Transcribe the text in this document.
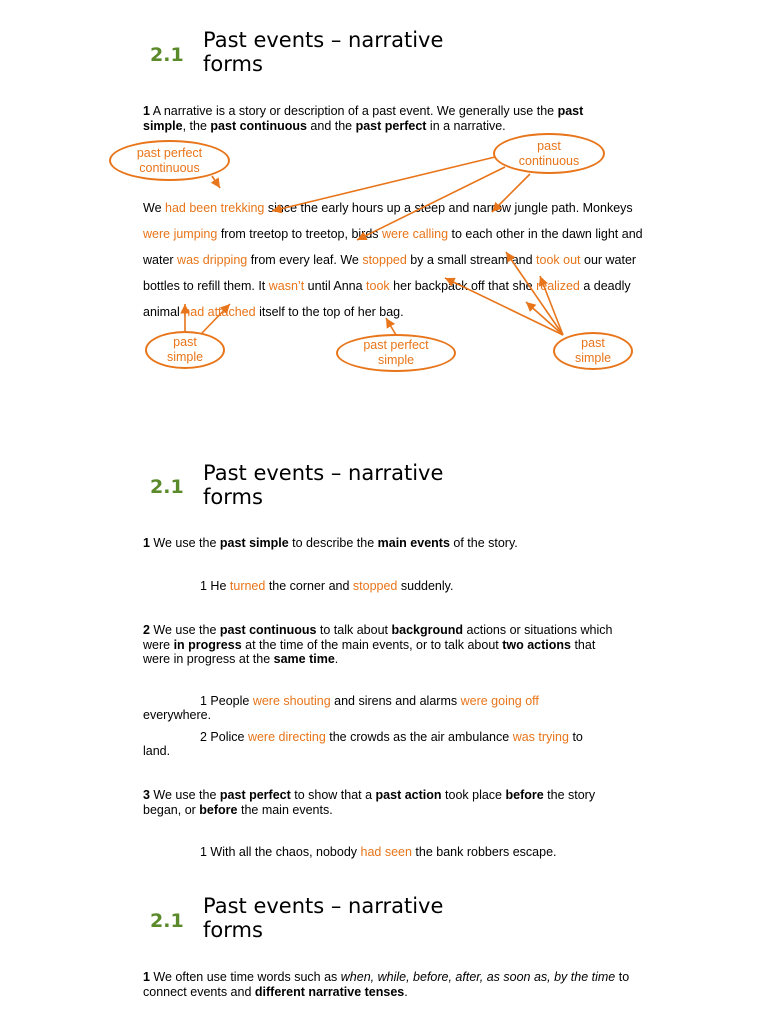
2.1
Past events – narrative forms
1 A narrative is a story or description of a past event. We generally use the past simple, the past continuous and the past perfect in a narrative.
We had been trekking since the early hours up a steep and narrow jungle path. Monkeys were jumping from treetop to treetop, birds were calling to each other in the dawn light and water was dripping from every leaf. We stopped by a small stream and took out our water bottles to refill them. It wasn’t until Anna took her backpack off that she realized a deadly animal had attached itself to the top of her bag.
past perfect continuous
past continuous
past simple
past perfect simple
past simple
2.1
Past events – narrative forms
1 We use the past simple to describe the main events of the story.
1 He turned the corner and stopped suddenly.
2 We use the past continuous to talk about background actions or situations which were in progress at the time of the main events, or to talk about two actions that were in progress at the same time.
1 People were shouting and sirens and alarms were going off
everywhere.
2 Police were directing the crowds as the air ambulance was trying to
land.
3 We use the past perfect to show that a past action took place before the story began, or before the main events.
1 With all the chaos, nobody had seen the bank robbers escape.
2.1
Past events – narrative forms
1 We often use time words such as when, while, before, after, as soon as, by the time to connect events and different narrative tenses.
